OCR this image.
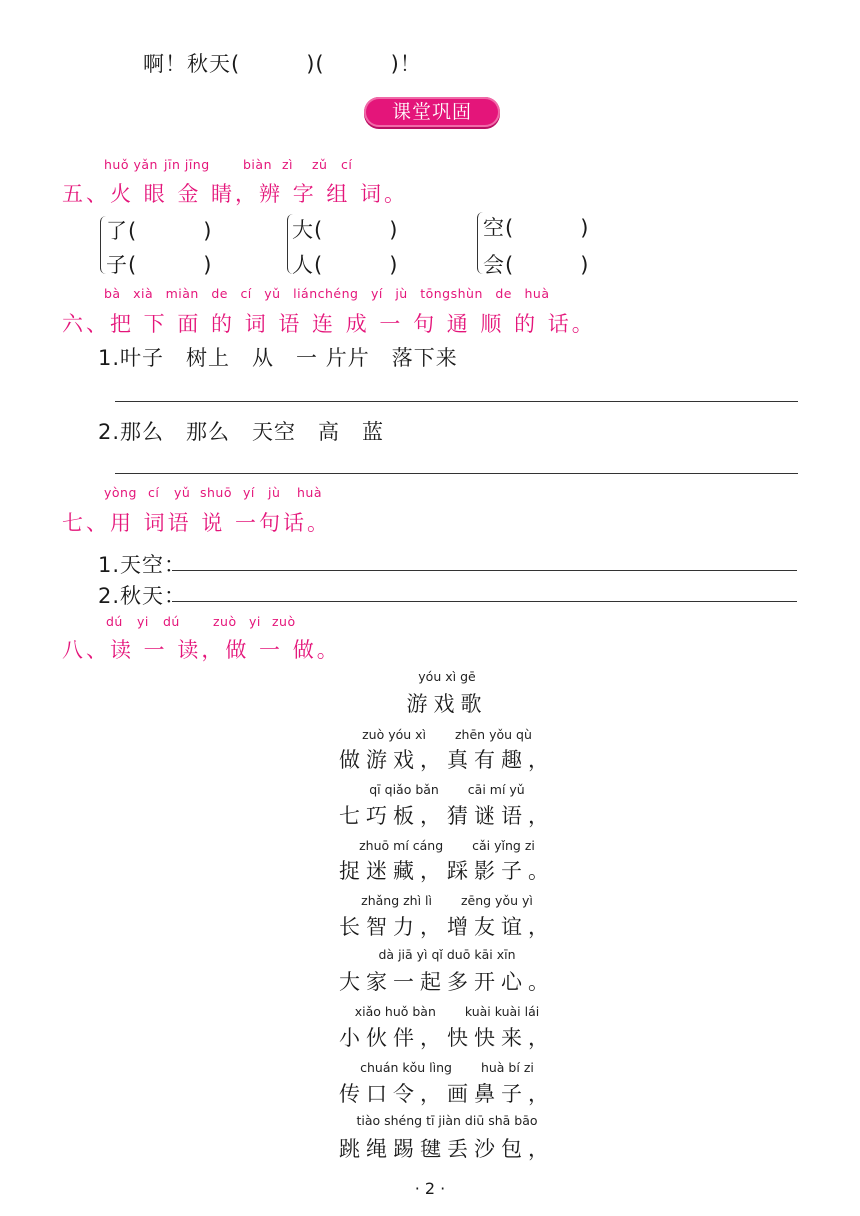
啊！秋天(　　　)(　　　)！
课堂巩固
huǒ yǎn jīn jīng	biàn zì zǔ cí
五、火 眼 金 睛，辨 字 组 词。
了(　　　)
子(　　　)
大(　　　)
人(　　　)
空(　　　)
会(　　　)
bà xià miàn de cí yǔ liánchéng yí jù tōngshùn de huà
六、把 下 面 的 词 语 连 成 一 句 通 顺 的 话。
1.叶子　树上　从　一 片片　落下来
2.那么　那么　天空　高　蓝
yòng cí yǔ shuō yí jù huà
七、用 词语 说 一句话。
1.天空：
2.秋天：
dú yi dú	zuò yi zuò
八、读 一 读，做 一 做。
yóu xì gē
游戏歌
zuò yóu xì　　 zhēn yǒu qù
做游戏，真有趣，
qī qiǎo bǎn　　 cāi mí yǔ
七巧板，猜谜语，
zhuō mí cáng　　 cǎi yǐng zi
捉迷藏，踩影子。
zhǎng zhì lì　　 zēng yǒu yì
长智力，增友谊，
dà jiā yì qǐ duō kāi xīn
大家一起多开心。
xiǎo huǒ bàn　　 kuài kuài lái
小伙伴，快快来，
chuán kǒu lìng　　 huà bí zi
传口令，画鼻子，
tiào shéng tī jiàn diū shā bāo
跳绳踢毽丢沙包，
· 2 ·
